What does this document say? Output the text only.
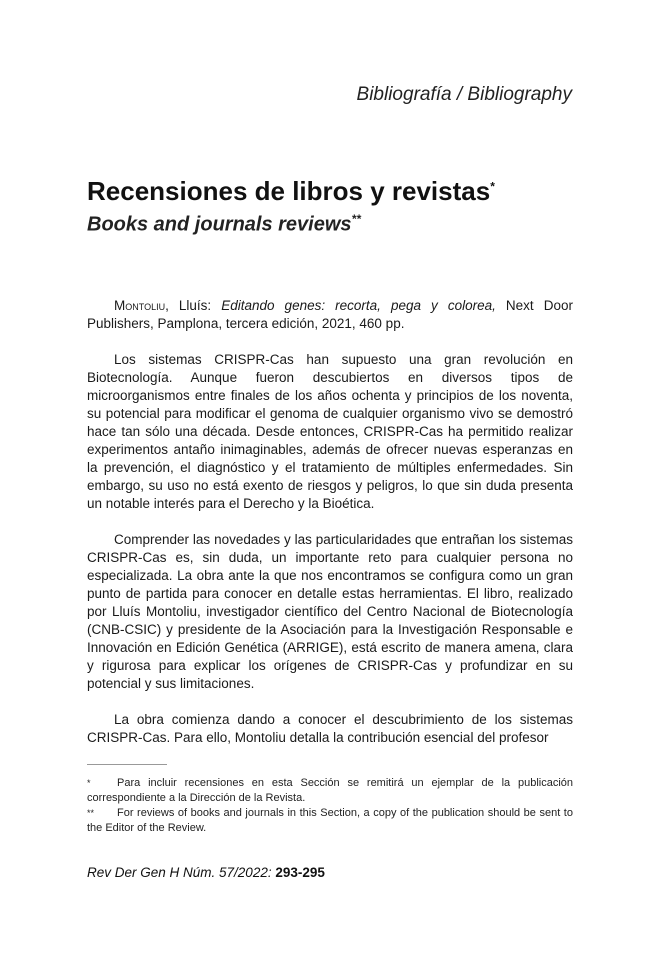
Bibliografía / Bibliography
Recensiones de libros y revistas*
Books and journals reviews**

Montoliu, Lluís: Editando genes: recorta, pega y colorea, Next Door Publishers, Pamplona, tercera edición, 2021, 460 pp.

Los sistemas CRISPR-Cas han supuesto una gran revolución en Biotecnología. Aunque fueron descubiertos en diversos tipos de microorganismos entre finales de los años ochenta y principios de los noventa, su potencial para modificar el genoma de cualquier organismo vivo se demostró hace tan sólo una década. Desde entonces, CRISPR-Cas ha permitido realizar experimentos antaño inimaginables, además de ofrecer nuevas esperanzas en la prevención, el diagnóstico y el tratamiento de múltiples enfermedades. Sin embargo, su uso no está exento de riesgos y peligros, lo que sin duda presenta un notable interés para el Derecho y la Bioética.

Comprender las novedades y las particularidades que entrañan los sistemas CRISPR-Cas es, sin duda, un importante reto para cualquier persona no especializada. La obra ante la que nos encontramos se configura como un gran punto de partida para conocer en detalle estas herramientas. El libro, realizado por Lluís Montoliu, investigador científico del Centro Nacional de Biotecnología (CNB-CSIC) y presidente de la Asociación para la Investigación Responsable e Innovación en Edición Genética (ARRIGE), está escrito de manera amena, clara y rigurosa para explicar los orígenes de CRISPR-Cas y profundizar en su potencial y sus limitaciones.

La obra comienza dando a conocer el descubrimiento de los sistemas CRISPR-Cas. Para ello, Montoliu detalla la contribución esencial del profesor

* Para incluir recensiones en esta Sección se remitirá un ejemplar de la publicación correspondiente a la Dirección de la Revista.

** For reviews of books and journals in this Section, a copy of the publication should be sent to the Editor of the Review.

Rev Der Gen H Núm. 57/2022: 293-295
